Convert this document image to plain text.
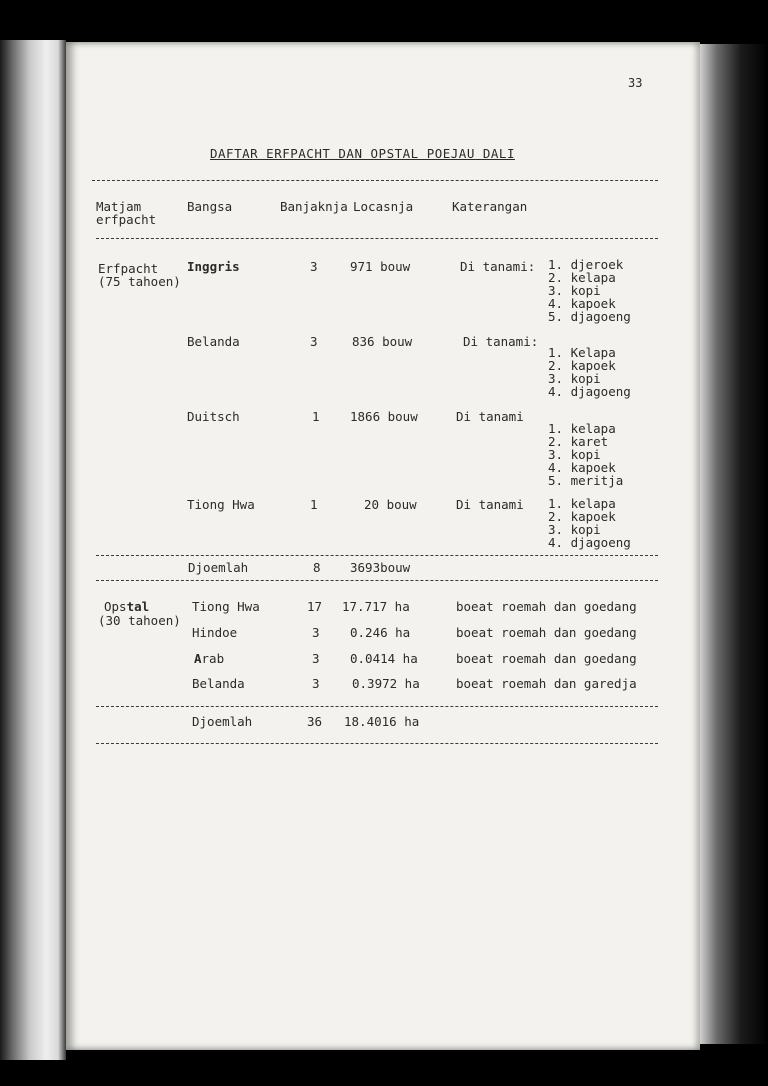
33
DAFTAR ERFPACHT DAN OPSTAL POEJAU DALI
Matjam
erfpacht
Bangsa	Banjaknja Locasnja	Katerangan
Erfpacht
(75 tahoen)
Inggris	3	971 bouw	Di tanami: 1. djeroek
2. kelapa
3. kopi
4. kapoek
5. djagoeng
Belanda	3	836 bouw	Di tanami:
1. Kelapa
2. kapoek
3. kopi
4. djagoeng
Duitsch	1 1866 bouw	Di tanami
1. kelapa
2. karet
3. kopi
4. kapoek
5. meritja
Tiong Hwa	1	20 bouw	Di tanami 1. kelapa
2. kapoek
3. kopi
4. djagoeng
Djoemlah	8 3693bouw
Opstal
(30 tahoen)
Tiong Hwa	17 17.717 ha	boeat roemah dan goedang
Hindoe	3 0.246 ha	boeat roemah dan goedang
Arab	3 0.0414 ha	boeat roemah dan goedang
Belanda	3	0.3972 ha	boeat roemah dan garedja
Djoemlah	36 18.4016 ha
